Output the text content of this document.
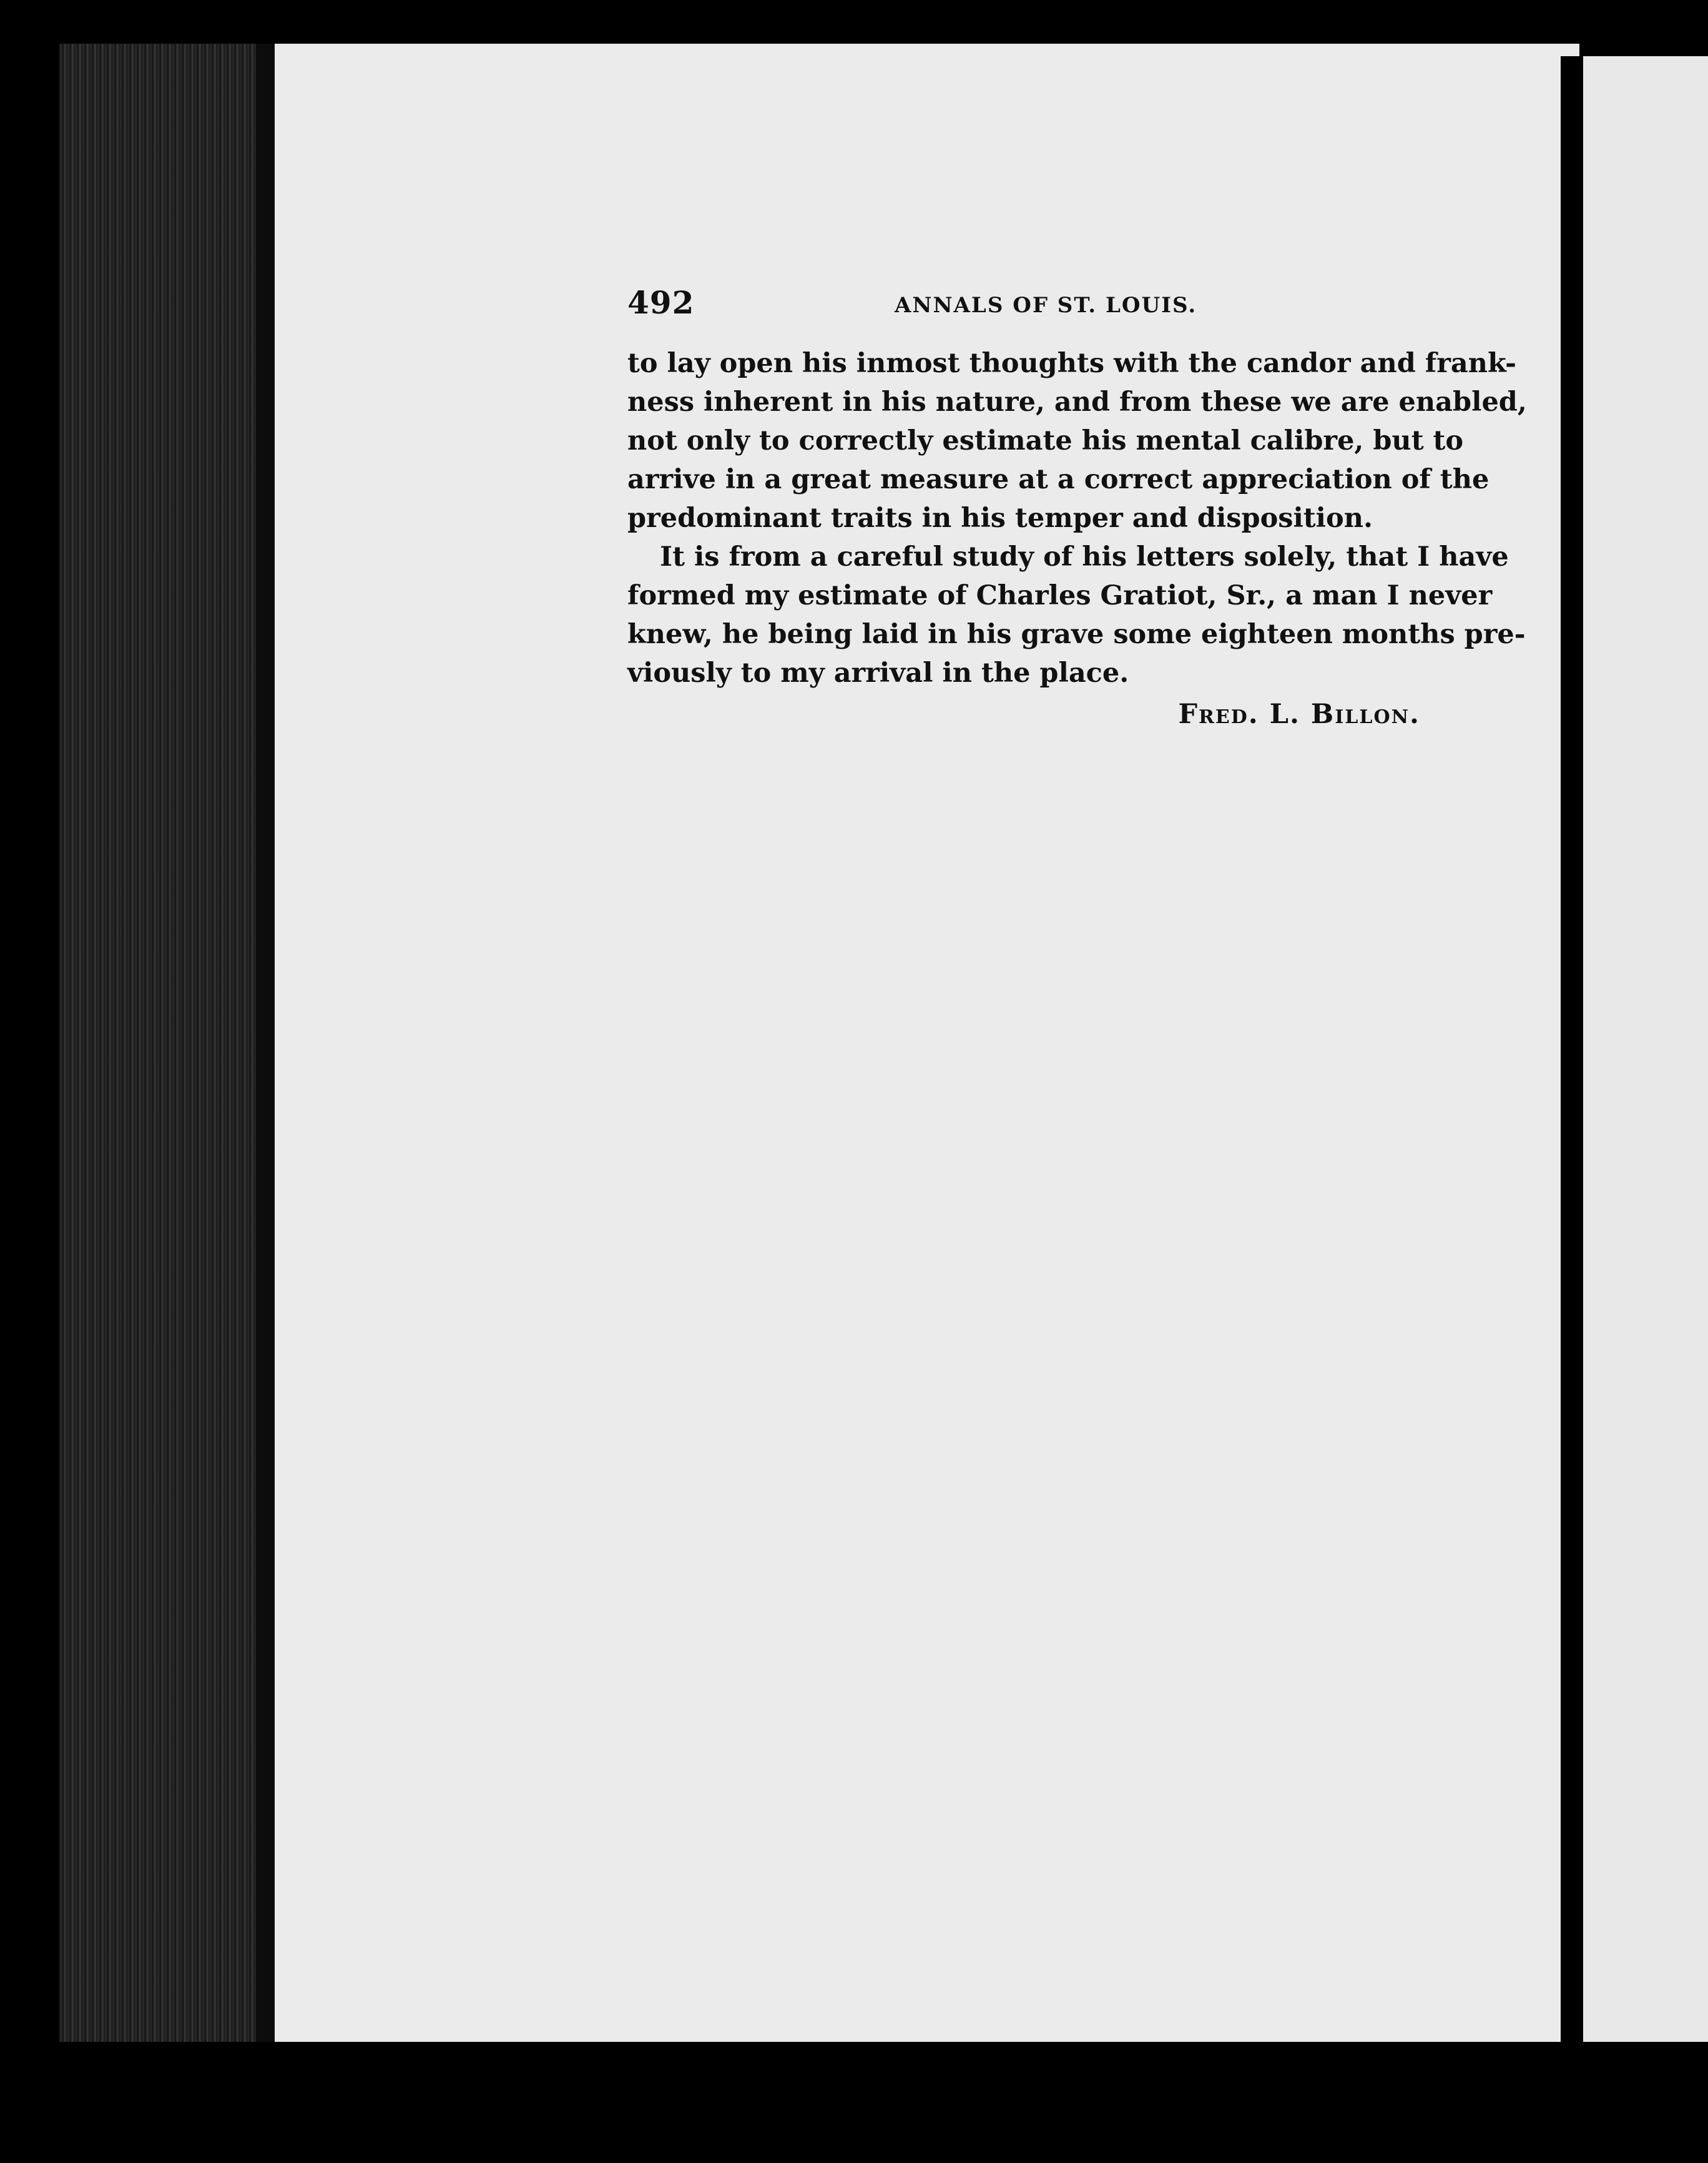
492	ANNALS OF ST. LOUIS.

to lay open his inmost thoughts with the candor and frank-
ness inherent in his nature, and from these we are enabled,
not only to correctly estimate his mental calibre, but to
arrive in a great measure at a correct appreciation of the
predominant traits in his temper and disposition.

It is from a careful study of his letters solely, that I have
formed my estimate of Charles Gratiot, Sr., a man I never
knew, he being laid in his grave some eighteen months pre-
viously to my arrival in the place.

Fred. L. Billon.
